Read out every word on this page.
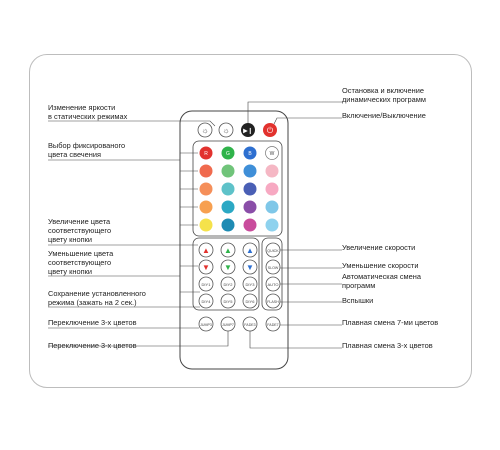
Изменение яркости
в статических режимах
Выбор фиксированого
цвета свечения
Увеличение цвета
соответствующего
цвету кнопки
Уменьшение цвета
соответствующего
цвету кнопки
Сохранение установленного
режима (зажать на 2 сек.)
Переключение 3-х цветов
Переключение 3-х цветов
Остановка и включение
динамических программ
Включение/Выключение
Увеличение скорости
Уменьшение скорости
Автоматическая смена
программ
Вспышки
Плавная смена 7-ми цветов
Плавная смена 3-х цветов
☼ ☼ ▶❙ ⏻
R	G	B	W
▲ ▲ ▲
▼ ▼ ▼
QUICK
SLOW
DIY1	DIY2	DIY3	AUTO
DIY4	DIY5	DIY6	FLASH
JUMP3	JUMP7	FADE3	FADE7
